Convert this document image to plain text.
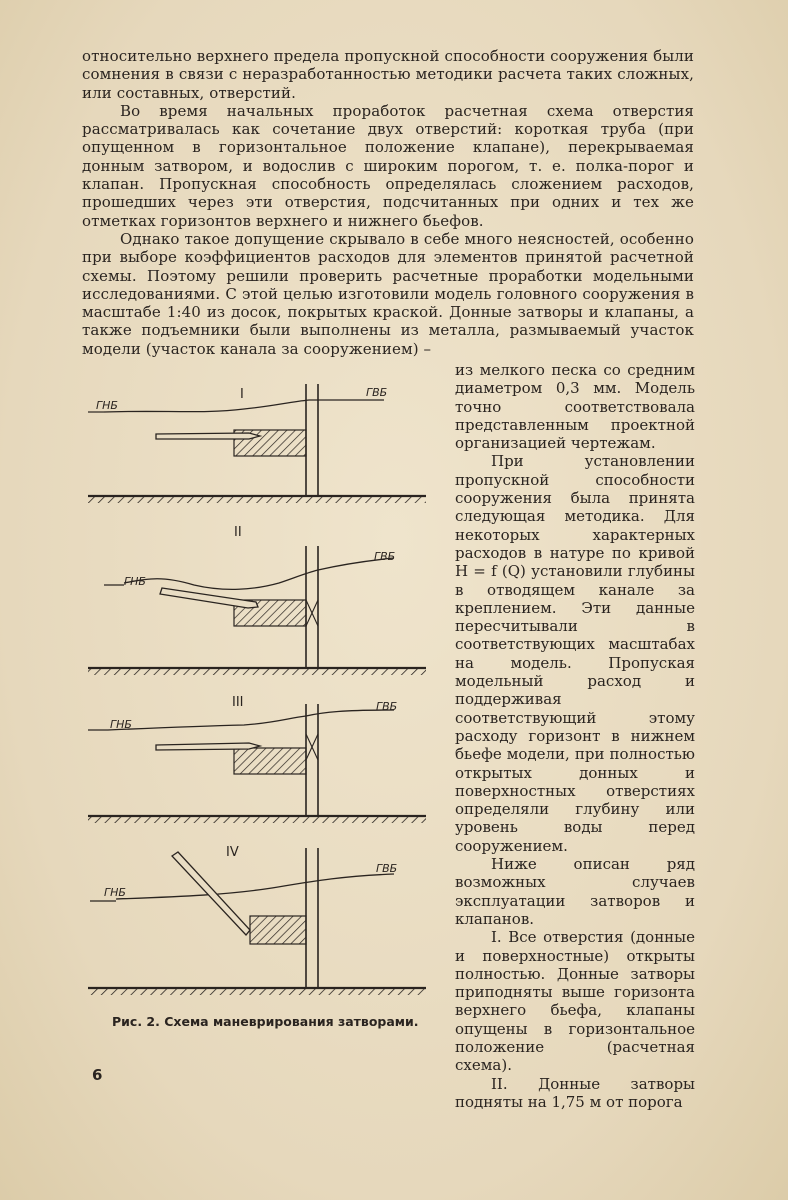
относительно верхнего предела пропускной способности сооружения были сомнения в связи с неразработанностью методики расчета таких сложных, или составных, отверстий.

Во время начальных проработок расчетная схема отверстия рассматривалась как сочетание двух отверстий: короткая труба (при опущенном в горизонтальное положение клапане), перекрываемая донным затвором, и водослив с широким порогом, т. е. полка-порог и клапан. Пропускная способность определялась сложением расходов, прошедших через эти отверстия, подсчитанных при одних и тех же отметках горизонтов верхнего и нижнего бьефов.

Однако такое допущение скрывало в себе много неясностей, особенно при выборе коэффициентов расходов для элементов принятой расчетной схемы. Поэтому решили проверить расчетные проработки модельными исследованиями. С этой целью изготовили модель головного сооружения в масштабе 1:40 из досок, покрытых краской. Донные затворы и клапаны, а также подъемники были выполнены из металла, размываемый участок модели (участок канала за сооружением) –

I
ГНБ
ГВБ
II
ГНБ
ГВБ
III
ГНБ
ГВБ
IV
ГНБ
ГВБ

из мелкого песка со средним диаметром 0,3 мм. Модель точно соответствовала представленным проектной организацией чертежам.

При установлении пропускной способности сооружения была принята следующая методика. Для некоторых характерных расходов в натуре по кривой H = f (Q) установили глубины в отводящем канале за креплением. Эти данные пересчитывали в соответствующих масштабах на модель. Пропуская модельный расход и поддерживая соответствующий этому расходу горизонт в нижнем бьефе модели, при полностью открытых донных и поверхностных отверстиях определяли глубину или уровень воды перед сооружением.

Ниже описан ряд возможных случаев эксплуатации затворов и клапанов.

I. Все отверстия (донные и поверхностные) открыты полностью. Донные затворы приподняты выше горизонта верхнего бьефа, клапаны опущены в горизонтальное положение (расчетная схема).

II. Донные затворы подняты на 1,75 м от порога

Рис. 2. Схема маневрирования затворами.
6
